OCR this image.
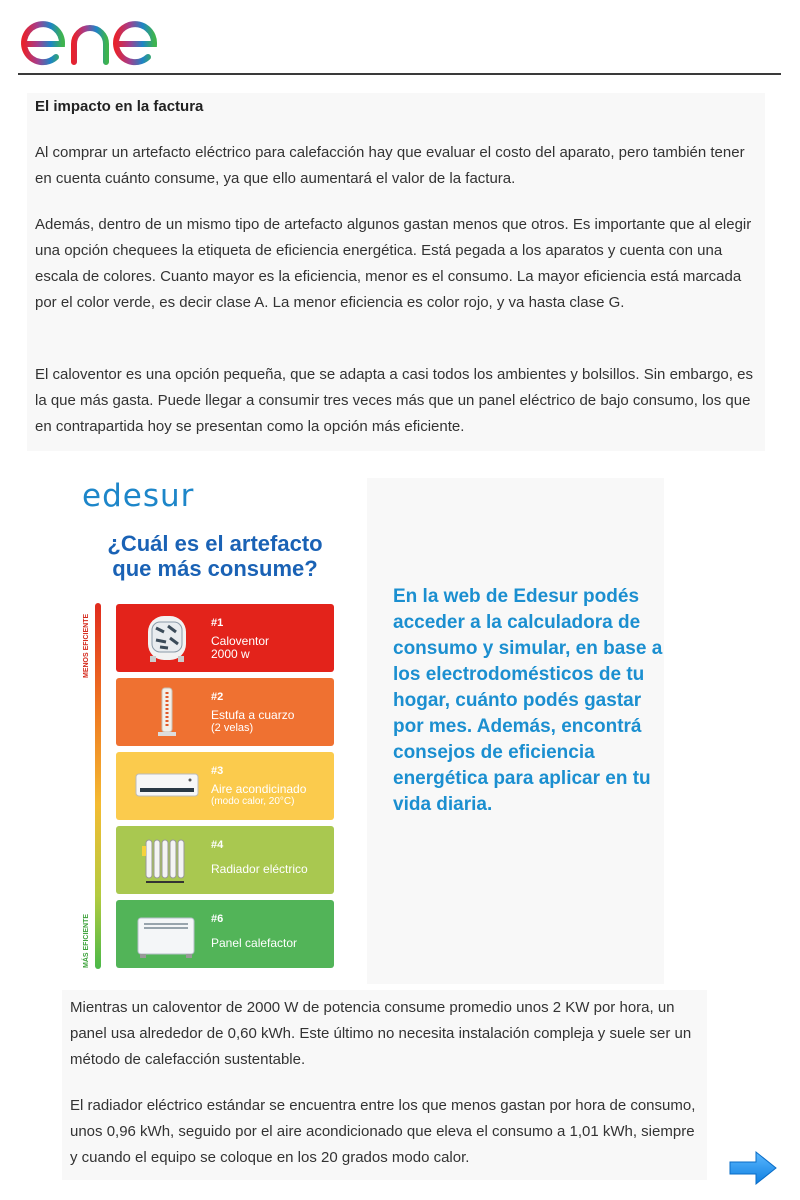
El impacto en la factura

Al comprar un artefacto eléctrico para calefacción hay que evaluar el costo del aparato, pero también tener en cuenta cuánto consume, ya que ello aumentará el valor de la factura.

Además, dentro de un mismo tipo de artefacto algunos gastan menos que otros. Es importante que al elegir una opción chequees la etiqueta de eficiencia energética. Está pegada a los aparatos y cuenta con una escala de colores. Cuanto mayor es la eficiencia, menor es el consumo. La mayor eficiencia está marcada por el color verde, es decir clase A. La menor eficiencia es color rojo, y va hasta clase G.

El caloventor es una opción pequeña, que se adapta a casi todos los ambientes y bolsillos. Sin embargo, es la que más gasta. Puede llegar a consumir tres veces más que un panel eléctrico de bajo consumo, los que en contrapartida hoy se presentan como la opción más eficiente.

edesur
¿Cuál es el artefacto
que más consume?
MENOS EFICIENTE
MÁS EFICIENTE
#1
Caloventor
2000 w
#2
Estufa a cuarzo
(2 velas)
#3
Aire acondicinado
(modo calor, 20°C)
#4
Radiador eléctrico
#6
Panel calefactor

En la web de Edesur podés acceder a la calculadora de consumo y simular, en base a los electrodomésticos de tu hogar, cuánto podés gastar por mes. Además, encontrá consejos de eficiencia energética para aplicar en tu vida diaria.

Mientras un caloventor de 2000 W de potencia consume promedio unos 2 KW por hora, un panel usa alrededor de 0,60 kWh. Este último no necesita instalación compleja y suele ser un método de calefacción sustentable.

El radiador eléctrico estándar se encuentra entre los que menos gastan por hora de consumo, unos 0,96 kWh, seguido por el aire acondicionado que eleva el consumo a 1,01 kWh, siempre y cuando el equipo se coloque en los 20 grados modo calor.
